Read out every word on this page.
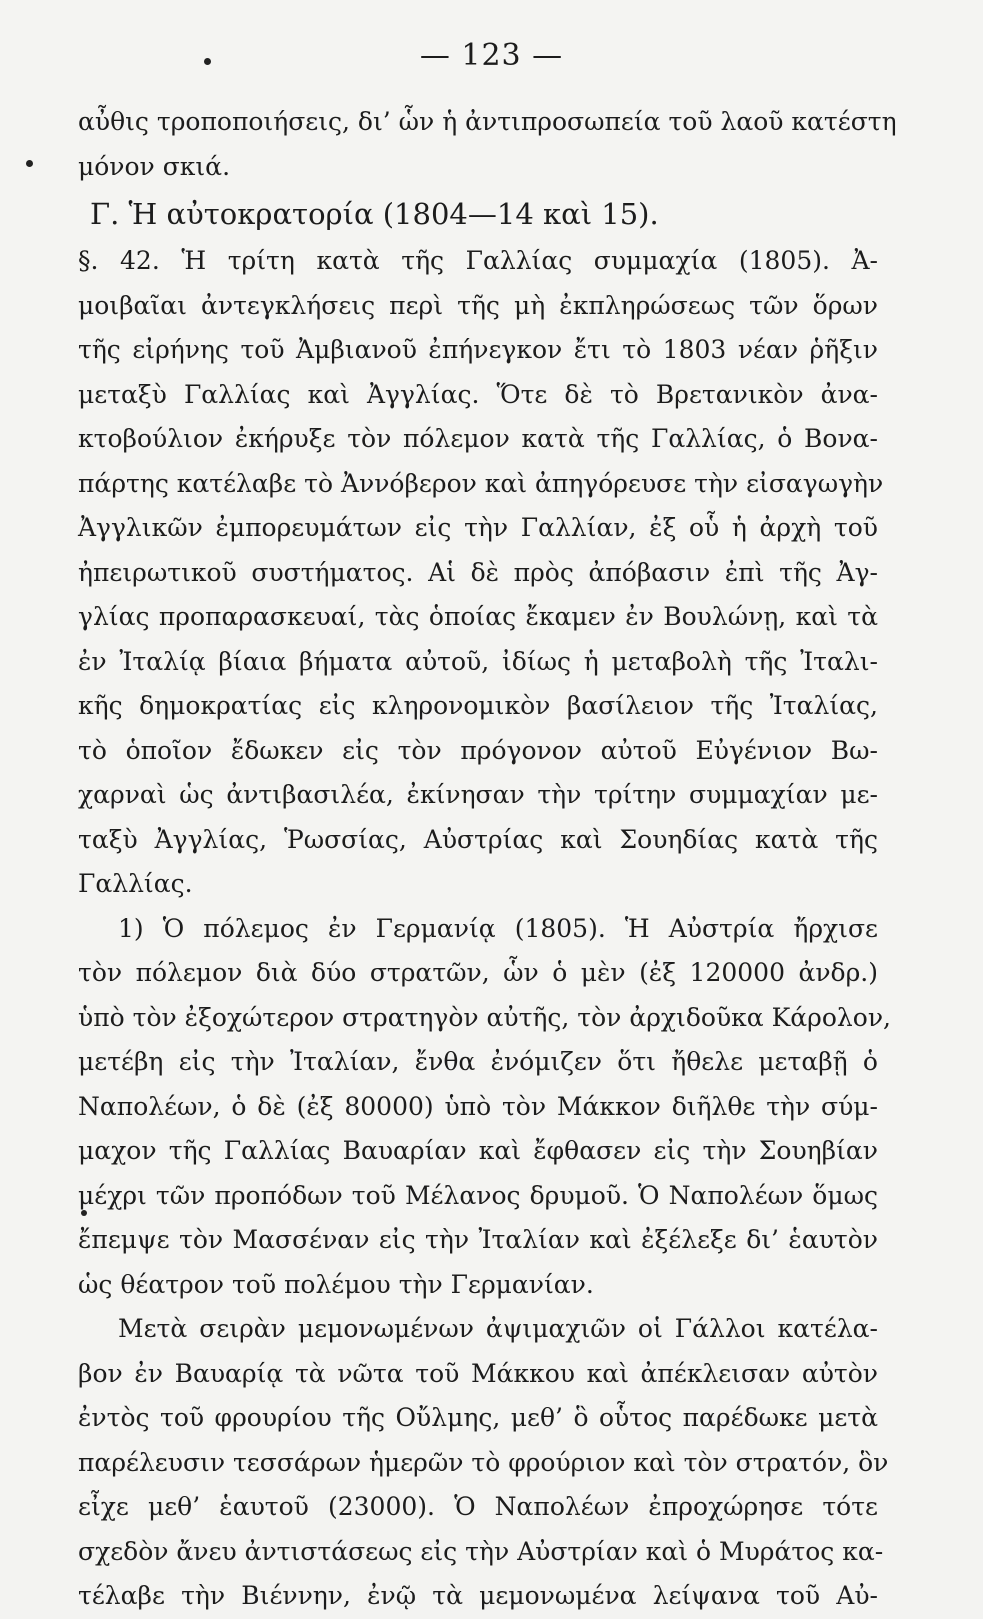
— 123 —
αὖθις τροποποιήσεις, δι’ ὧν ἡ ἀντιπροσωπεία τοῦ λαοῦ κατέστη
μόνον σκιά.
Γ. Ἡ αὐτοκρατορία (1804—14 καὶ 15).
§. 42. Ἡ τρίτη κατὰ τῆς Γαλλίας συμμαχία (1805). Ἀ-
μοιβαῖαι ἀντεγκλήσεις περὶ τῆς μὴ ἐκπληρώσεως τῶν ὅρων
τῆς εἰρήνης τοῦ Ἀμβιανοῦ ἐπήνεγκον ἔτι τὸ 1803 νέαν ῥῆξιν
μεταξὺ Γαλλίας καὶ Ἀγγλίας. Ὅτε δὲ τὸ Βρετανικὸν ἀνα-
κτοβούλιον ἐκήρυξε τὸν πόλεμον κατὰ τῆς Γαλλίας, ὁ Βονα-
πάρτης κατέλαβε τὸ Ἀννόβερον καὶ ἀπηγόρευσε τὴν εἰσαγωγὴν
Ἀγγλικῶν ἐμπορευμάτων εἰς τὴν Γαλλίαν, ἐξ οὗ ἡ ἀρχὴ τοῦ
ἠπειρωτικοῦ συστήματος. Αἱ δὲ πρὸς ἀπόβασιν ἐπὶ τῆς Ἀγ-
γλίας προπαρασκευαί, τὰς ὁποίας ἔκαμεν ἐν Βουλώνῃ, καὶ τὰ
ἐν Ἰταλίᾳ βίαια βήματα αὐτοῦ, ἰδίως ἡ μεταβολὴ τῆς Ἰταλι-
κῆς δημοκρατίας εἰς κληρονομικὸν βασίλειον τῆς Ἰταλίας,
τὸ ὁποῖον ἔδωκεν εἰς τὸν πρόγονον αὐτοῦ Εὐγένιον Βω-
χαρναὶ ὡς ἀντιβασιλέα, ἐκίνησαν τὴν τρίτην συμμαχίαν με-
ταξὺ Ἀγγλίας, Ῥωσσίας, Αὐστρίας καὶ Σουηδίας κατὰ τῆς
Γαλλίας.
1) Ὁ πόλεμος ἐν Γερμανίᾳ (1805). Ἡ Αὐστρία ἤρχισε
τὸν πόλεμον διὰ δύο στρατῶν, ὧν ὁ μὲν (ἐξ 120000 ἀνδρ.)
ὑπὸ τὸν ἐξοχώτερον στρατηγὸν αὐτῆς, τὸν ἀρχιδοῦκα Κάρολον,
μετέβη εἰς τὴν Ἰταλίαν, ἔνθα ἐνόμιζεν ὅτι ἤθελε μεταβῇ ὁ
Ναπολέων, ὁ δὲ (ἐξ 80000) ὑπὸ τὸν Μάκκον διῆλθε τὴν σύμ-
μαχον τῆς Γαλλίας Βαυαρίαν καὶ ἔφθασεν εἰς τὴν Σουηβίαν
μέχρι τῶν προπόδων τοῦ Μέλανος δρυμοῦ. Ὁ Ναπολέων ὅμως
ἔπεμψε τὸν Μασσέναν εἰς τὴν Ἰταλίαν καὶ ἐξέλεξε δι’ ἑαυτὸν
ὡς θέατρον τοῦ πολέμου τὴν Γερμανίαν.
Μετὰ σειρὰν μεμονωμένων ἀψιμαχιῶν οἱ Γάλλοι κατέλα-
βον ἐν Βαυαρίᾳ τὰ νῶτα τοῦ Μάκκου καὶ ἀπέκλεισαν αὐτὸν
ἐντὸς τοῦ φρουρίου τῆς Οὔλμης, μεθ’ ὃ οὗτος παρέδωκε μετὰ
παρέλευσιν τεσσάρων ἡμερῶν τὸ φρούριον καὶ τὸν στρατόν, ὃν
εἶχε μεθ’ ἑαυτοῦ (23000). Ὁ Ναπολέων ἐπροχώρησε τότε
σχεδὸν ἄνευ ἀντιστάσεως εἰς τὴν Αὐστρίαν καὶ ὁ Μυράτος κα-
τέλαβε τὴν Βιέννην, ἐνῷ τὰ μεμονωμένα λείψανα τοῦ Αὐ-
